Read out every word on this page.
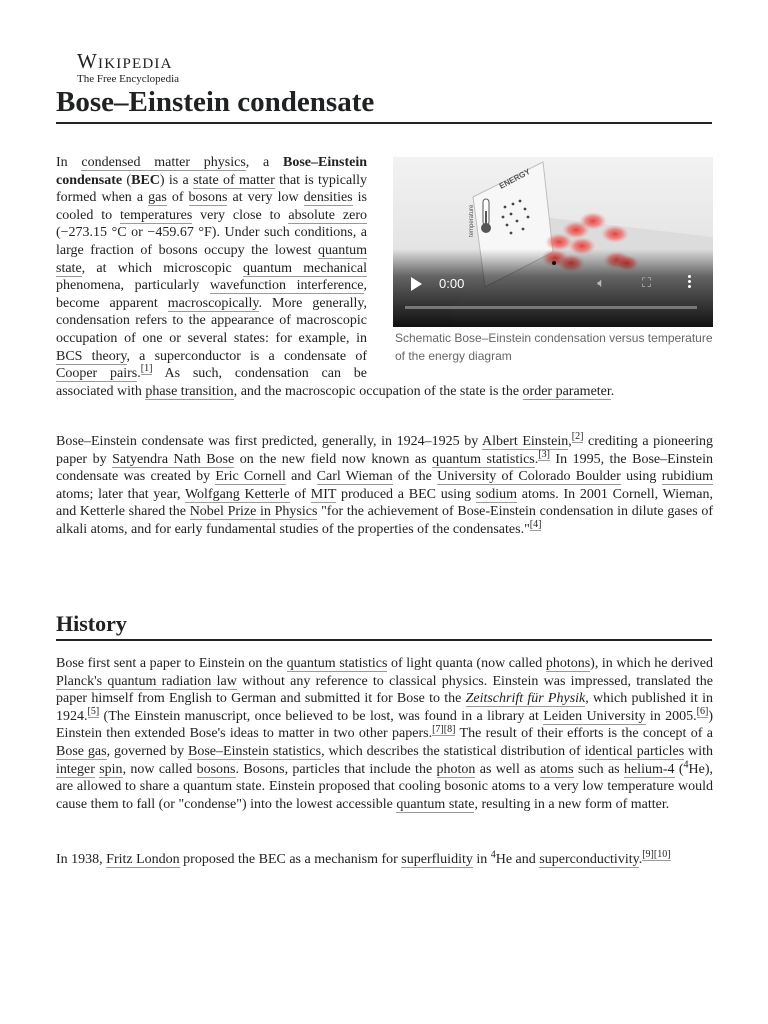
Wikipedia
The Free Encyclopedia
Bose–Einstein condensate
ENERGY
temperature
0:00	🔈︎	⛶
Schematic Bose–Einstein condensation versus temperature of the energy diagram
In condensed matter physics, a Bose–Einstein condensate (BEC) is a state of matter that is typically formed when a gas of bosons at very low densities is cooled to temperatures very close to absolute zero (−273.15 °C or −459.67 °F). Under such conditions, a large fraction of bosons occupy the lowest quantum state, at which microscopic quantum mechanical phenomena, particularly wavefunction interference, become apparent macroscopically. More generally, condensation refers to the appearance of macroscopic occupation of one or several states: for example, in BCS theory, a superconductor is a condensate of Cooper pairs.[1] As such, condensation can be associated with phase transition, and the macroscopic occupation of the state is the order parameter.
Bose–Einstein condensate was first predicted, generally, in 1924–1925 by Albert Einstein,[2] crediting a pioneering paper by Satyendra Nath Bose on the new field now known as quantum statistics.[3] In 1995, the Bose–Einstein condensate was created by Eric Cornell and Carl Wieman of the University of Colorado Boulder using rubidium atoms; later that year, Wolfgang Ketterle of MIT produced a BEC using sodium atoms. In 2001 Cornell, Wieman, and Ketterle shared the Nobel Prize in Physics "for the achievement of Bose-Einstein condensation in dilute gases of alkali atoms, and for early fundamental studies of the properties of the condensates."[4]
History
Bose first sent a paper to Einstein on the quantum statistics of light quanta (now called photons), in which he derived Planck's quantum radiation law without any reference to classical physics. Einstein was impressed, translated the paper himself from English to German and submitted it for Bose to the Zeitschrift für Physik, which published it in 1924.[5] (The Einstein manuscript, once believed to be lost, was found in a library at Leiden University in 2005.[6]) Einstein then extended Bose's ideas to matter in two other papers.[7][8] The result of their efforts is the concept of a Bose gas, governed by Bose–Einstein statistics, which describes the statistical distribution of identical particles with integer spin, now called bosons. Bosons, particles that include the photon as well as atoms such as helium-4 ($^4$He), are allowed to share a quantum state. Einstein proposed that cooling bosonic atoms to a very low temperature would cause them to fall (or "condense") into the lowest accessible quantum state, resulting in a new form of matter.
In 1938, Fritz London proposed the BEC as a mechanism for superfluidity in $^4$He and superconductivity.[9][10]
